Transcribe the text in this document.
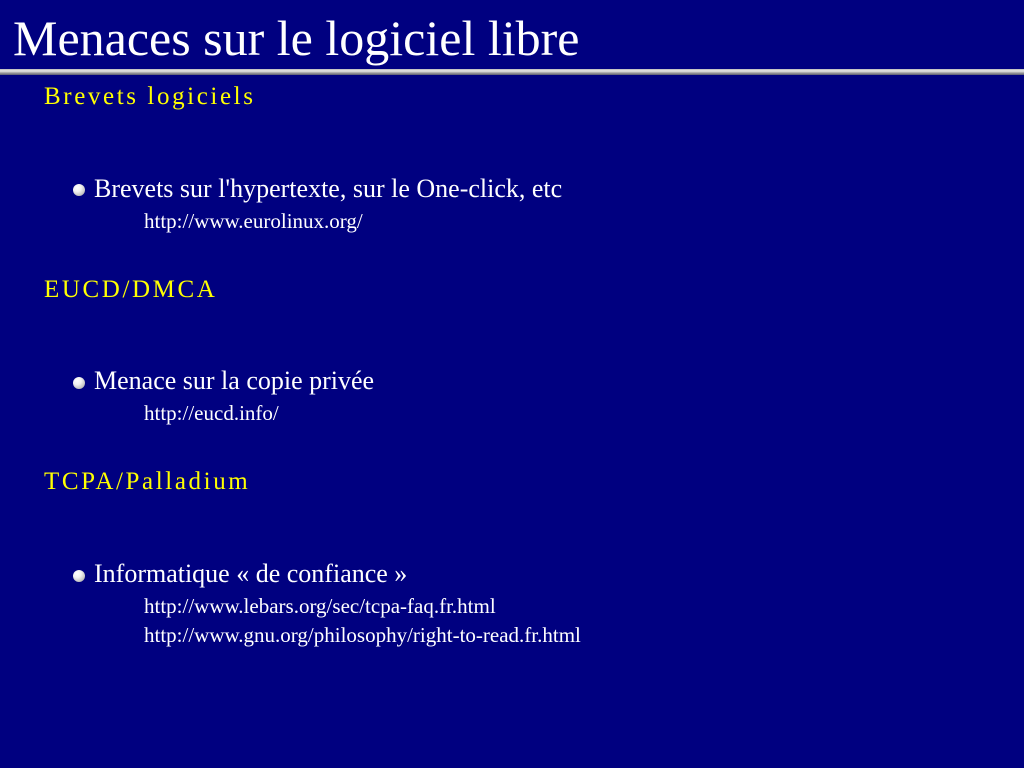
Menaces sur le logiciel libre
Brevets logiciels
Brevets sur l'hypertexte, sur le One-click, etc
http://www.eurolinux.org/
EUCD/DMCA
Menace sur la copie privée
http://eucd.info/
TCPA/Palladium
Informatique « de confiance »
http://www.lebars.org/sec/tcpa-faq.fr.html
http://www.gnu.org/philosophy/right-to-read.fr.html
